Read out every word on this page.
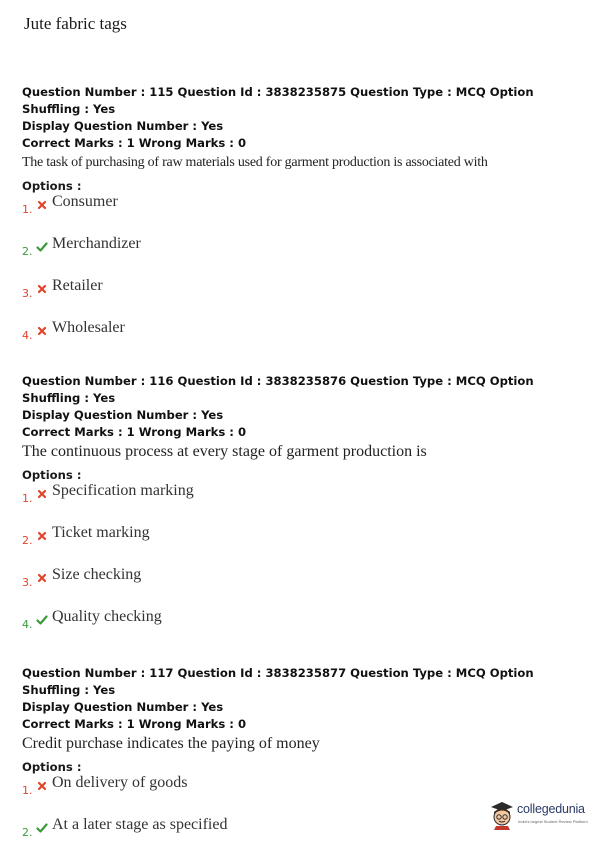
Jute fabric tags
Question Number : 115 Question Id : 3838235875 Question Type : MCQ Option Shuffling : Yes
Display Question Number : Yes
Correct Marks : 1 Wrong Marks : 0
The task of purchasing of raw materials used for garment production is associated with
Options :
1. Consumer
2. Merchandizer
3. Retailer
4. Wholesaler
Question Number : 116 Question Id : 3838235876 Question Type : MCQ Option Shuffling : Yes
Display Question Number : Yes
Correct Marks : 1 Wrong Marks : 0
The continuous process at every stage of garment production is
Options :
1. Specification marking
2. Ticket marking
3. Size checking
4. Quality checking
Question Number : 117 Question Id : 3838235877 Question Type : MCQ Option Shuffling : Yes
Display Question Number : Yes
Correct Marks : 1 Wrong Marks : 0
Credit purchase indicates the paying of money
Options :
1. On delivery of goods
2. At a later stage as specified
collegedunia
India's largest Student Review Platform
